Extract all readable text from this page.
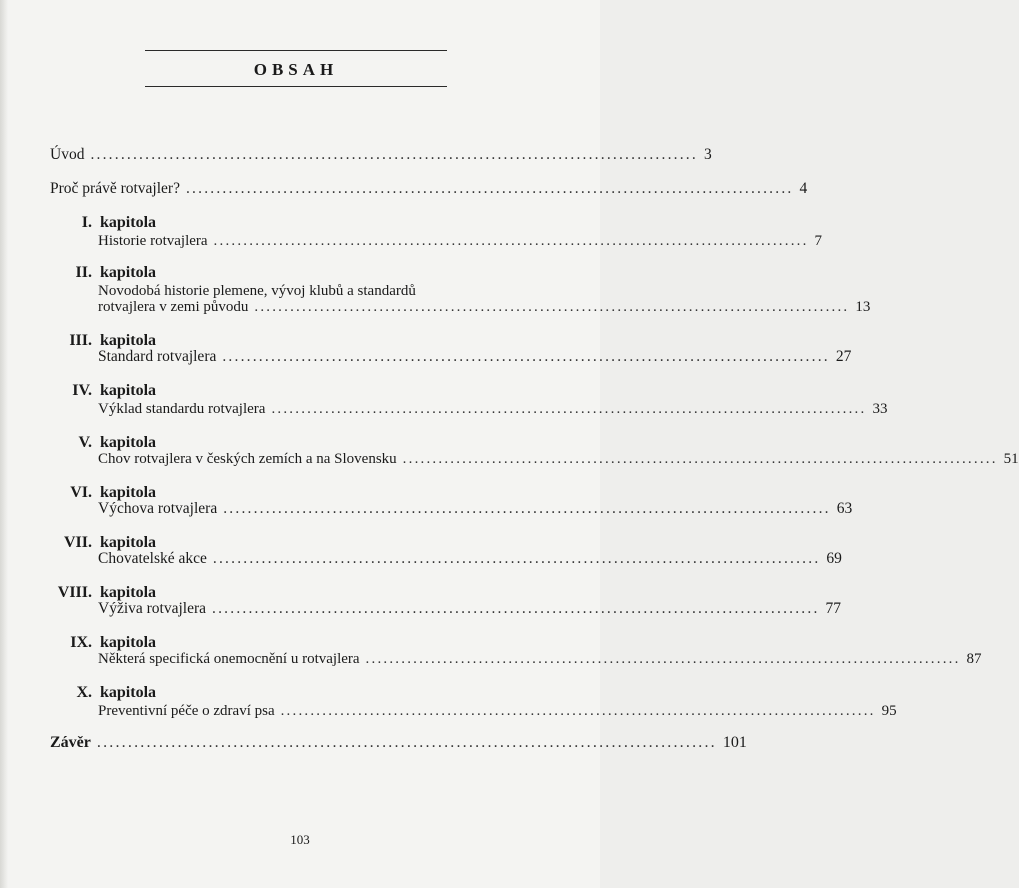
OBSAH
Úvod .................................................................................................... 3
Proč právě rotvajler? .................................................................................................... 4
I. kapitola
Historie rotvajlera .................................................................................................... 7
II. kapitola
Novodobá historie plemene, vývoj klubů a standardů
rotvajlera v zemi původu .................................................................................................... 13
III. kapitola
Standard rotvajlera .................................................................................................... 27
IV. kapitola
Výklad standardu rotvajlera .................................................................................................... 33
V. kapitola
Chov rotvajlera v českých zemích a na Slovensku .................................................................................................... 51
VI. kapitola
Výchova rotvajlera .................................................................................................... 63
VII. kapitola
Chovatelské akce .................................................................................................... 69
VIII. kapitola
Výživa rotvajlera .................................................................................................... 77
IX. kapitola
Některá specifická onemocnění u rotvajlera .................................................................................................... 87
X. kapitola
Preventivní péče o zdraví psa .................................................................................................... 95
Závěr .................................................................................................... 101
103
